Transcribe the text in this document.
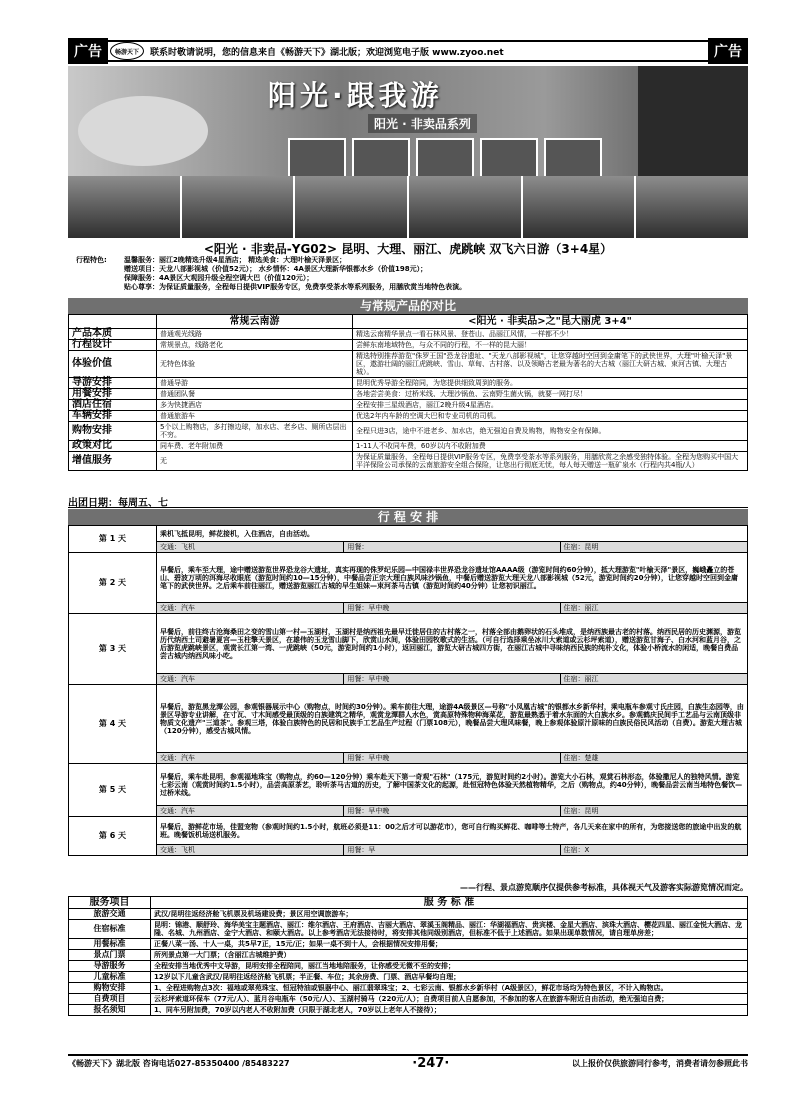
广告	广告
畅游天下	联系时敬请说明，您的信息来自《畅游天下》湖北版；欢迎浏览电子版 www.zyoo.net
阳光·跟我游
阳光 · 非卖品系列
<阳光 · 非卖品-YG02> 昆明、大理、丽江、虎跳峡 双飞六日游（3+4星）
行程特色: 温馨服务：丽江2晚精选升级4星酒店； 精选美食：大理叶榆天泽景区；
赠送项目：天龙八部影视城（价值52元）； 水乡情怀：4A景区大理新华银都水乡（价值198元）；
保障服务：4A景区大观园升级全程空调大巴（价值120元）；
贴心尊享：为保证质量服务，全程每日提供VIP服务专区，免费享受茶水等系列服务，用膳欣赏当地特色表演。
与常规产品的对比
	常规云南游	<阳光 · 非卖品>之"昆大丽虎 3+4"
产品本质	普通观光线路	精选云南精华景点一看石林风景、登苍山、品丽江风情，一样都不少！
行程设计	常规景点，线路老化	尝鲜东南地域特色，与众不同的行程，不一样的昆大丽！
体验价值	无特色体验	精选特别推荐游览"侏罗王国"恐龙谷遗址、"天龙八部影视城"，让您穿越时空回到金庸笔下的武侠世界，大理"叶榆天泽"景区，遨游壮阔的丽江虎跳峡、雪山、草甸、古村落、以及领略古老最为著名的大古城（丽江大研古城、束河古镇、大理古城）。
导游安排	普通导游	昆明优秀导游全程陪同，为您提供细致周到的服务。
用餐安排	普通团队餐	各地尝尝美食：过桥米线、大理沙锅鱼、云南野生菌火锅，就要一网打尽！
酒店住宿	多为快捷酒店	全程安排三星级酒店，丽江2晚升级4星酒店。
车辆安排	普通旅游车	优选2年内车龄的空调大巴和专业司机的司机。
购物安排	5个以上购物店，多打擦边球，加水店、老乡店、厕所店层出不穷。	全程只进3店，途中不进老乡、加水店，绝无强迫自费及购物，购物安全有保障。
政策对比	同车费、老年附加费	1-11人不收同车费，60岁以内不收附加费
增值服务	无	为保证质量服务，全程每日提供VIP服务专区，免费享受茶水等系列服务，用膳欣赏之余感受独特体验。全程为您购买中国大平洋保险公司承保的云南旅游安全组合保险，让您出行彻底无忧，每人每天赠送一瓶矿泉水（行程内共4瓶/人）
出团日期：每周五、七
行 程 安 排
第 1 天	乘机飞抵昆明，鲜花接机，入住酒店，自由活动。		
	交通：飞机	用餐：	住宿：昆明
第 2 天	早餐后，乘车至大理，途中赠送游览世界恐龙谷大遗址，真实再现的侏罗纪乐园—中国禄丰世界恐龙谷遗址馆AAAA级（游览时间约60分钟），抵大理游览"叶榆天泽"景区，巍峨矗立的苍山、碧波万顷的洱海尽收眼底（游览时间约10—15分钟），中餐品尝正宗大理白族风味沙锅鱼，中餐后赠送游览大理天龙八部影视城（52元，游览时间约20分钟），让您穿越时空回到金庸笔下的武侠世界。之后乘车前往丽江，赠送游览丽江古城的早生姐妹—束河茶马古镇（游览时间约40分钟）让您初识丽江。		
	交通：汽车	用餐：早中晚	住宿：丽江
第 3 天	早餐后，前往终古沧海桑田之变的雪山第一村—玉湖村，玉湖村是纳西祖先最早迁徙居住的古村落之一，村落全部由鹅卵状的石头堆成，是纳西族最古老的村落。纳西民居的历史渊源，游览历代纳西土司避暑夏宫—玉柱擎天景区，在雄伟的玉龙雪山脚下，欣赏山水间，体验田园牧歌式的生活。（可自行选择乘坐冰川大索道或云杉坪索道），赠送游览甘海子、白水河和蓝月谷，之后游览虎跳峡景区，观赏长江第一湾、一虎跳峡（50元，游览时间约1小时），返回丽江，游览大研古城四方街，在丽江古城中寻味纳西民族的纯朴文化，体验小桥流水的闲适，晚餐自费品尝古城内纳西风味小吃。		
	交通：汽车	用餐：早中晚	住宿：丽江
第 4 天	早餐后，游览黑龙潭公园，参观银器展示中心（购物点，时间约30分钟）。乘车前往大理，途游4A级景区—号称"小凤凰古城"的银都水乡新华村，乘电瓶车参观寸氏庄园，白族生态园等，由景区导游专业讲解，在寸瓦、寸木间感受最顶级的白族建筑之精华，观赏龙潭群人水色，赏高原特殊物种海菜花，游览最熟悉于着水东面的大白族水乡。参观鹤庆民间手工艺品与云南顶级非物质文化遗产"三道茶"。参观三塔，体验白族特色的民居和民族手工艺品生产过程（门票108元），晚餐品尝大理风味餐，晚上参观体验原汁原味的白族民俗民风活动（自费）。游览大理古城（120分钟），感受古城风情。		
	交通：汽车	用餐：早中晚	住宿：楚雄
第 5 天	早餐后，乘车赴昆明，参观福地珠宝（购物点，约60—120分钟）乘车赴天下第一奇观"石林"（175元，游览时间约2小时）。游览大小石林，观赏石林形态，体验撒尼人的独特风情。游览七彩云南（观赏时间约1.5小时），品尝高原茶艺，聆听茶马古道的历史，了解中国茶文化的起源，赴恒冠特色体验天然植物精华，之后（购物点，约40分钟），晚餐品尝云南当地特色餐饮—过桥米线。		
	交通：汽车	用餐：早中晚	住宿：昆明
第 6 天	早餐后，游鲜花市场，佳盟宠物（参观时间约1.5小时，航班必须是11：00之后才可以游花市），您可自行购买鲜花、咖啡等土特产，各几天来在家中的所有，为您接送您的旅途中出发的航班。晚餐饭机场送机服务。		
	交通：飞机	用餐：早	住宿：X
——行程、景点游览顺序仅提供参考标准，具体视天气及游客实际游览情况而定。
服务项目	服 务 标 准
旅游交通	武汉/昆明往返经济舱飞机票及机场建设费；景区用空调旅游车；
住宿标准	昆明：锦港、顺舒玲、海华美宝主题酒店、丽江：维尔酒店、王府酒店、吉丽大酒店、翠溪玉阁精品、丽江：华湖福酒店、贵宾楼、金星大酒店、滨珠大酒店、樱花四星、丽江金悦大酒店、龙隆、名城、九州酒店、金宁大酒店、和颐大酒店。以上参考酒店无法接待时，将安排其他同级别酒店，但标准不低于上述酒店。如果出现单数情况，请自理单房差；
用餐标准	正餐八菜一汤、十人一桌，共5早7正，15元/正；如果一桌不到十人，会根据情况安排用餐；
景点门票	所列景点第一大门票；（含丽江古城维护费）
导游服务	全程安排当地优秀中文导游，昆明安排全程陪同，丽江当地地陪服务，让你感受无微不至的安排；
儿童标准	12岁以下儿童含武汉/昆明往返经济舱飞机票；半正餐、车位；其余房费、门票、酒店早餐均自理；
购物安排	1、全程进购物点3次：福地或翠苑珠宝、恒冠特油或银器中心、丽江翡翠珠宝；2、七彩云南、银都水乡新华村（A级景区），鲜花市场均为特色景区，不计入购物店。
自费项目	云杉坪索道环保车（77元/人）、蓝月谷电瓶车（50元/人）、玉湖村骑马（220元/人）；自费项目前人自愿参加，不参加的客人在旅游车附近自由活动，绝无强迫自费；
报名须知	1、同车另附加费，70岁以内老人不收附加费（只限于湖北老人，70岁以上老年人不接待）；
《畅游天下》湖北版 咨询电话027-85350400 /85483227	·247·	以上报价仅供旅游同行参考，消费者请勿参照此书
